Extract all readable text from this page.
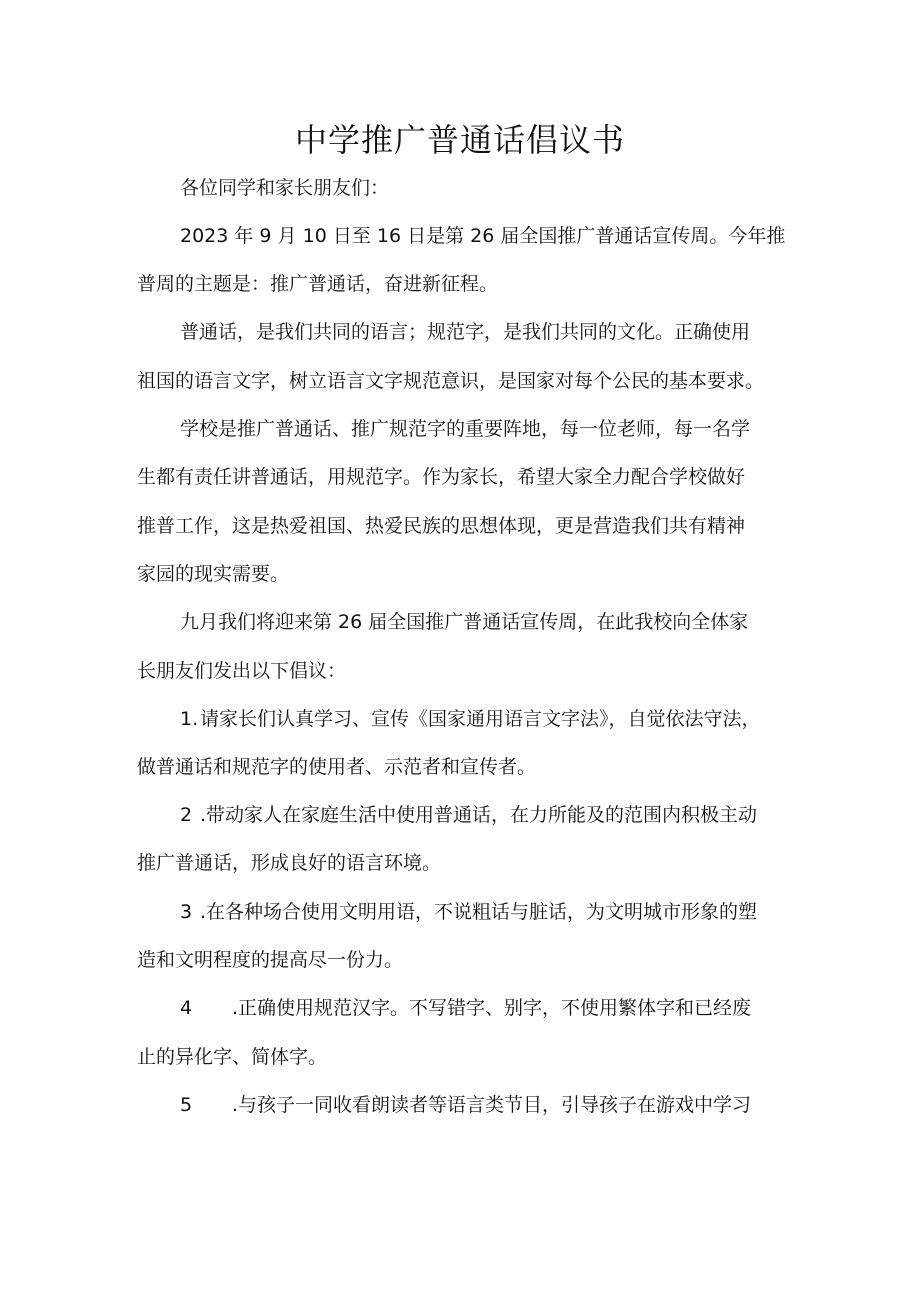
中学推广普通话倡议书

各位同学和家长朋友们：

2023 年 9 月 10 日至 16 日是第 26 届全国推广普通话宣传周。今年推

普周的主题是：推广普通话，奋进新征程。

普通话，是我们共同的语言；规范字，是我们共同的文化。正确使用

祖国的语言文字，树立语言文字规范意识，是国家对每个公民的基本要求。

学校是推广普通话、推广规范字的重要阵地，每一位老师，每一名学

生都有责任讲普通话，用规范字。作为家长，希望大家全力配合学校做好

推普工作，这是热爱祖国、热爱民族的思想体现，更是营造我们共有精神

家园的现实需要。

九月我们将迎来第 26 届全国推广普通话宣传周，在此我校向全体家

长朋友们发出以下倡议：

1. 请家长们认真学习、宣传《国家通用语言文字法》，自觉依法守法，

做普通话和规范字的使用者、示范者和宣传者。

2 .带动家人在家庭生活中使用普通话，在力所能及的范围内积极主动

推广普通话，形成良好的语言环境。

3 .在各种场合使用文明用语，不说粗话与脏话，为文明城市形象的塑

造和文明程度的提高尽一份力。

4 .正确使用规范汉字。不写错字、别字，不使用繁体字和已经废

止的异化字、简体字。

5 .与孩子一同收看朗读者等语言类节目，引导孩子在游戏中学习
